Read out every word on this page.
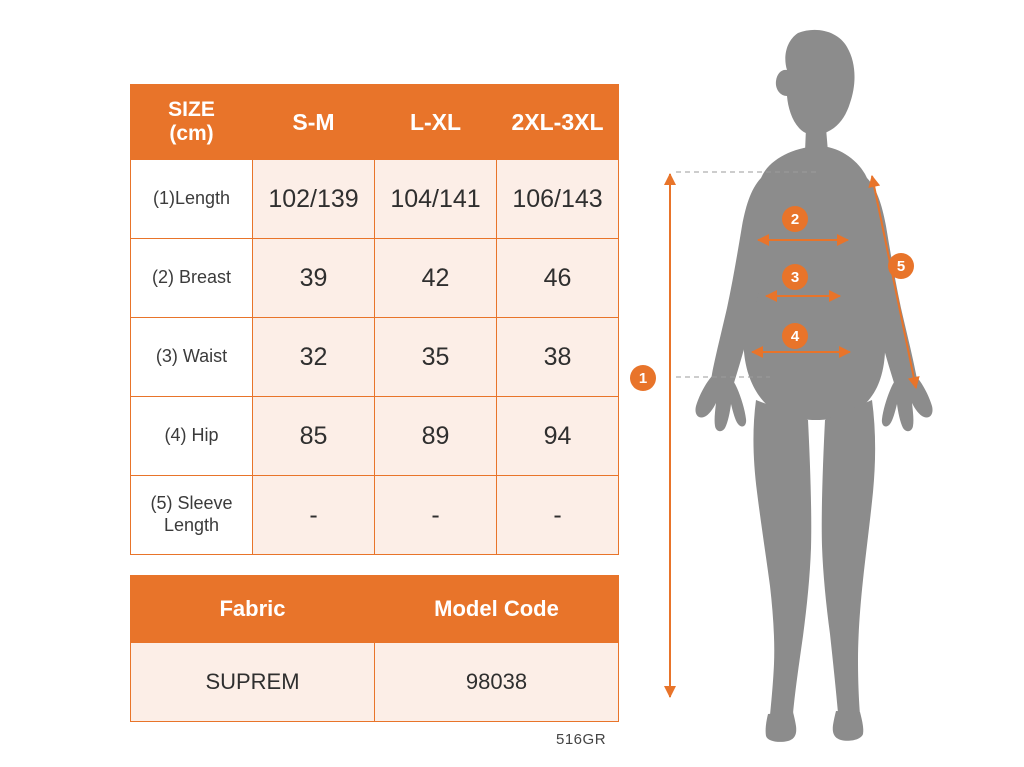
SIZE
(cm)	S-M	L-XL	2XL-3XL
(1)Length	102/139	104/141	106/143
(2) Breast	39	42	46
(3) Waist	32	35	38
(4) Hip	85	89	94
(5) Sleeve Length	-	-	-
Fabric	Model Code
SUPREM	98038
516GR
1
2
3
4
5
